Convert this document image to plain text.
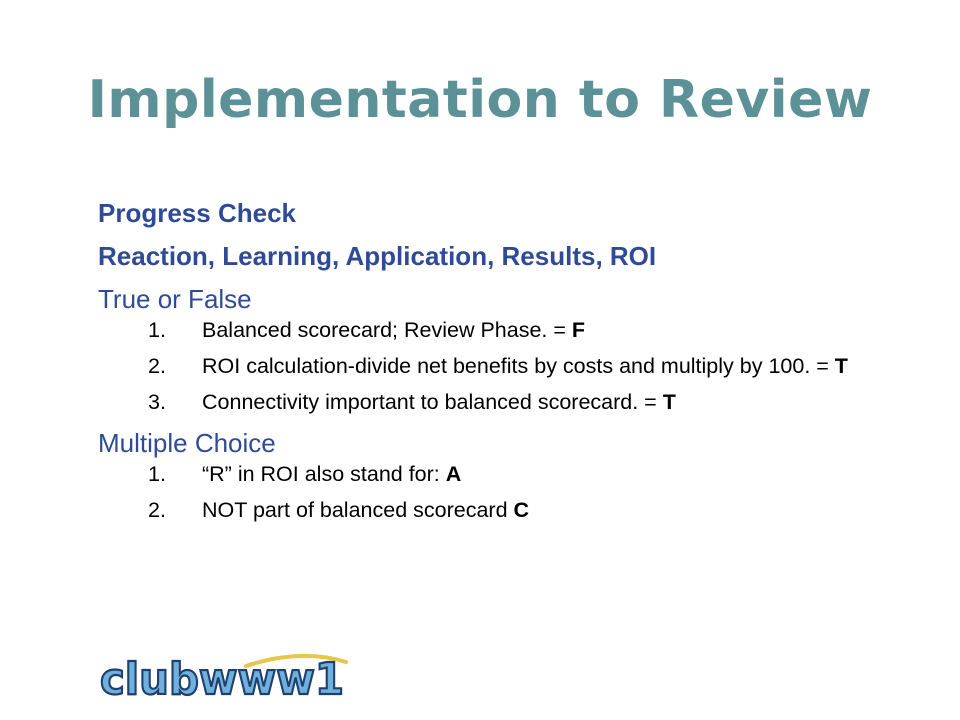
Implementation to Review
Progress Check
Reaction, Learning, Application, Results, ROI
True or False
1. Balanced scorecard; Review Phase. = F
2. ROI calculation-divide net benefits by costs and multiply by 100. = T
3. Connectivity important to balanced scorecard. = T
Multiple Choice
1. “R” in ROI also stand for: A
2. NOT part of balanced scorecard C
clubwww1
